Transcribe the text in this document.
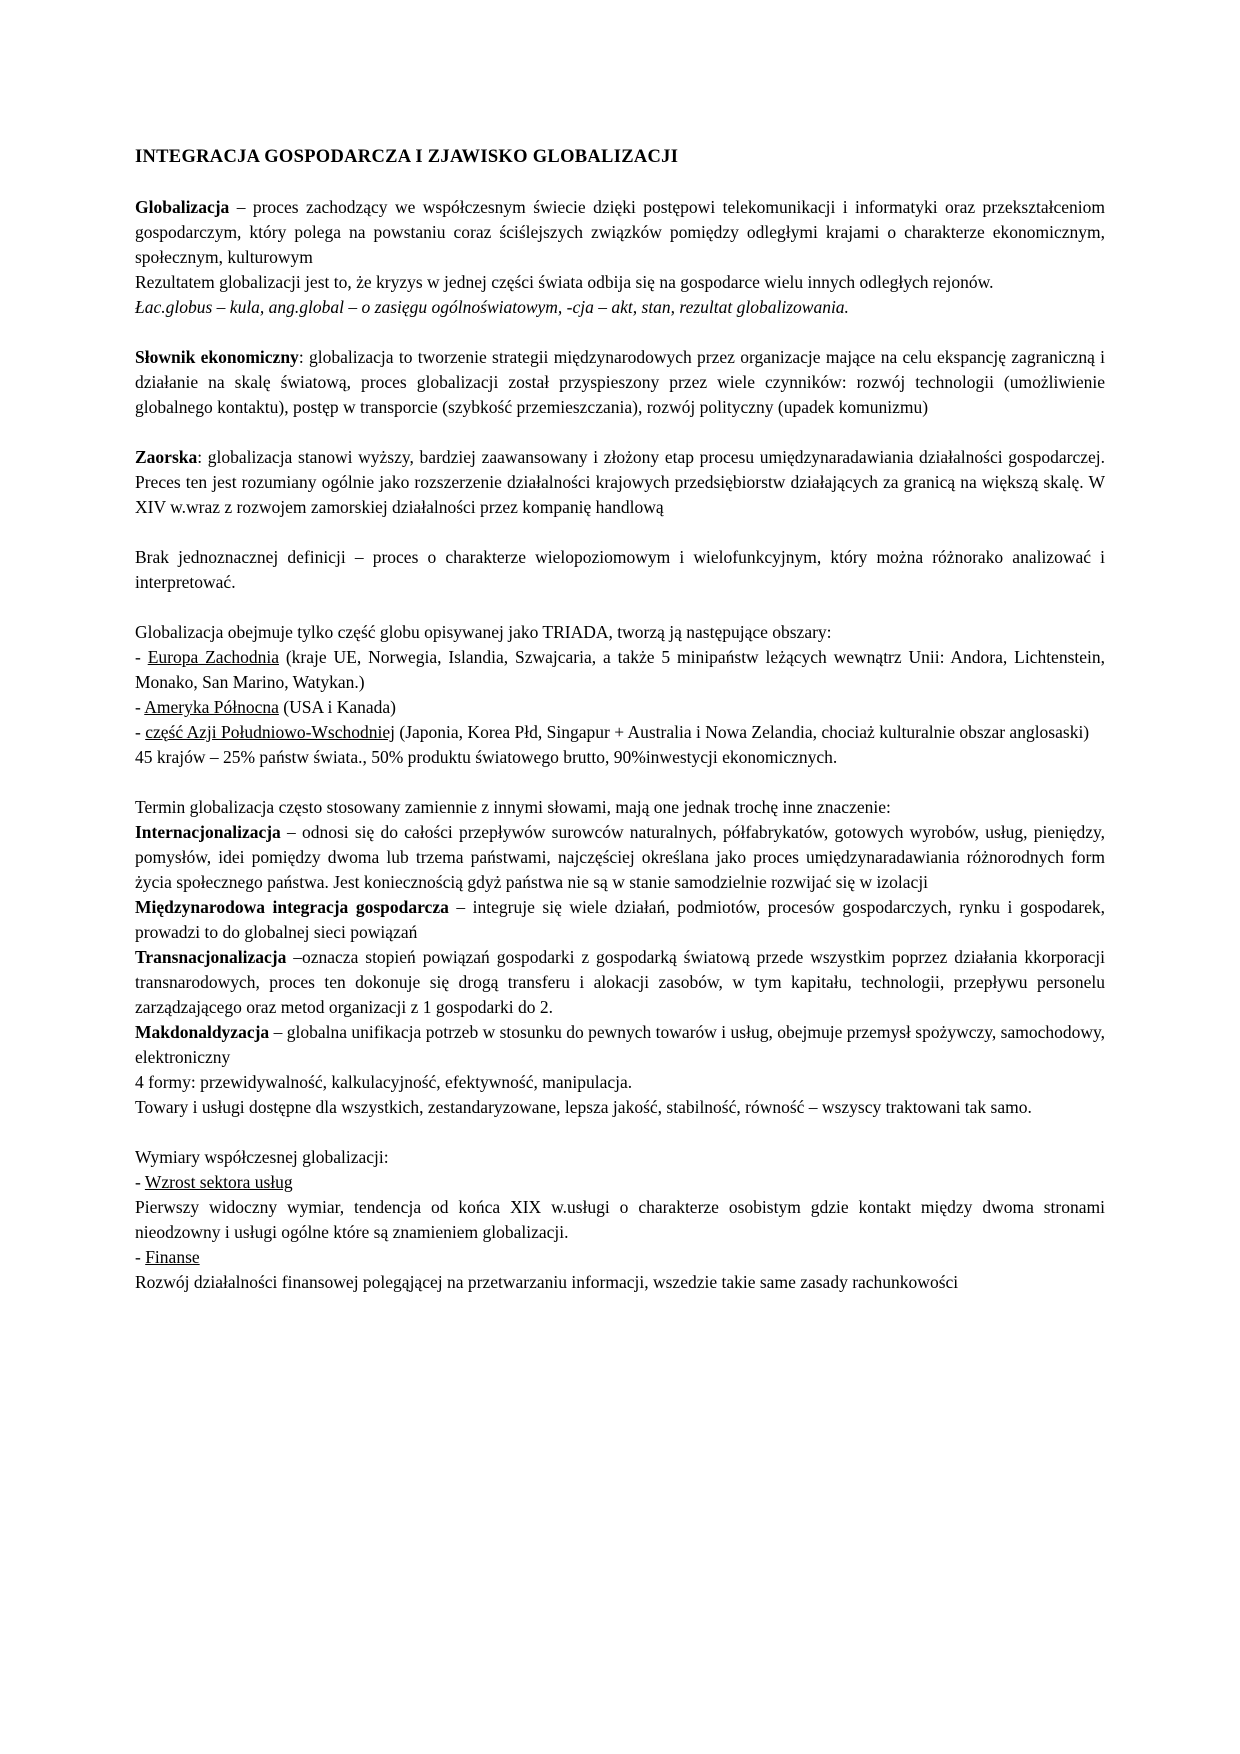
INTEGRACJA GOSPODARCZA I ZJAWISKO GLOBALIZACJI

Globalizacja – proces zachodzący we współczesnym świecie dzięki postępowi telekomunikacji i informatyki oraz przekształceniom gospodarczym, który polega na powstaniu coraz ściślejszych związków pomiędzy odległymi krajami o charakterze ekonomicznym, społecznym, kulturowym

Rezultatem globalizacji jest to, że kryzys w jednej części świata odbija się na gospodarce wielu innych odległych rejonów.

Łac.globus – kula, ang.global – o zasięgu ogólnoświatowym, -cja – akt, stan, rezultat globalizowania.

Słownik ekonomiczny: globalizacja to tworzenie strategii międzynarodowych przez organizacje mające na celu ekspancję zagraniczną i działanie na skalę światową, proces globalizacji został przyspieszony przez wiele czynników: rozwój technologii (umożliwienie globalnego kontaktu), postęp w transporcie (szybkość przemieszczania), rozwój polityczny (upadek komunizmu)

Zaorska: globalizacja stanowi wyższy, bardziej zaawansowany i złożony etap procesu umiędzynaradawiania działalności gospodarczej. Preces ten jest rozumiany ogólnie jako rozszerzenie działalności krajowych przedsiębiorstw działających za granicą na większą skalę. W XIV w.wraz z rozwojem zamorskiej działalności przez kompanię handlową

Brak jednoznacznej definicji – proces o charakterze wielopoziomowym i wielofunkcyjnym, który można różnorako analizować i interpretować.

Globalizacja obejmuje tylko część globu opisywanej jako TRIADA, tworzą ją następujące obszary:

- Europa Zachodnia (kraje UE, Norwegia, Islandia, Szwajcaria, a także 5 minipaństw leżących wewnątrz Unii: Andora, Lichtenstein, Monako, San Marino, Watykan.)

- Ameryka Północna (USA i Kanada)

- część Azji Południowo-Wschodniej (Japonia, Korea Płd, Singapur + Australia i Nowa Zelandia, chociaż kulturalnie obszar anglosaski)

45 krajów – 25% państw świata., 50% produktu światowego brutto, 90%inwestycji ekonomicznych.

Termin globalizacja często stosowany zamiennie z innymi słowami, mają one jednak trochę inne znaczenie:

Internacjonalizacja – odnosi się do całości przepływów surowców naturalnych, półfabrykatów, gotowych wyrobów, usług, pieniędzy, pomysłów, idei pomiędzy dwoma lub trzema państwami, najczęściej określana jako proces umiędzynaradawiania różnorodnych form życia społecznego państwa. Jest koniecznością gdyż państwa nie są w stanie samodzielnie rozwijać się w izolacji

Międzynarodowa integracja gospodarcza – integruje się wiele działań, podmiotów, procesów gospodarczych, rynku i gospodarek, prowadzi to do globalnej sieci powiązań

Transnacjonalizacja –oznacza stopień powiązań gospodarki z gospodarką światową przede wszystkim poprzez działania kkorporacji transnarodowych, proces ten dokonuje się drogą transferu i alokacji zasobów, w tym kapitału, technologii, przepływu personelu zarządzającego oraz metod organizacji z 1 gospodarki do 2.

Makdonaldyzacja – globalna unifikacja potrzeb w stosunku do pewnych towarów i usług, obejmuje przemysł spożywczy, samochodowy, elektroniczny

4 formy: przewidywalność, kalkulacyjność, efektywność, manipulacja.

Towary i usługi dostępne dla wszystkich, zestandaryzowane, lepsza jakość, stabilność, równość – wszyscy traktowani tak samo.

Wymiary współczesnej globalizacji:

- Wzrost sektora usług

Pierwszy widoczny wymiar, tendencja od końca XIX w.usługi o charakterze osobistym gdzie kontakt między dwoma stronami nieodzowny i usługi ogólne które są znamieniem globalizacji.

- Finanse

Rozwój działalności finansowej polegąjącej na przetwarzaniu informacji, wszedzie takie same zasady rachunkowości
